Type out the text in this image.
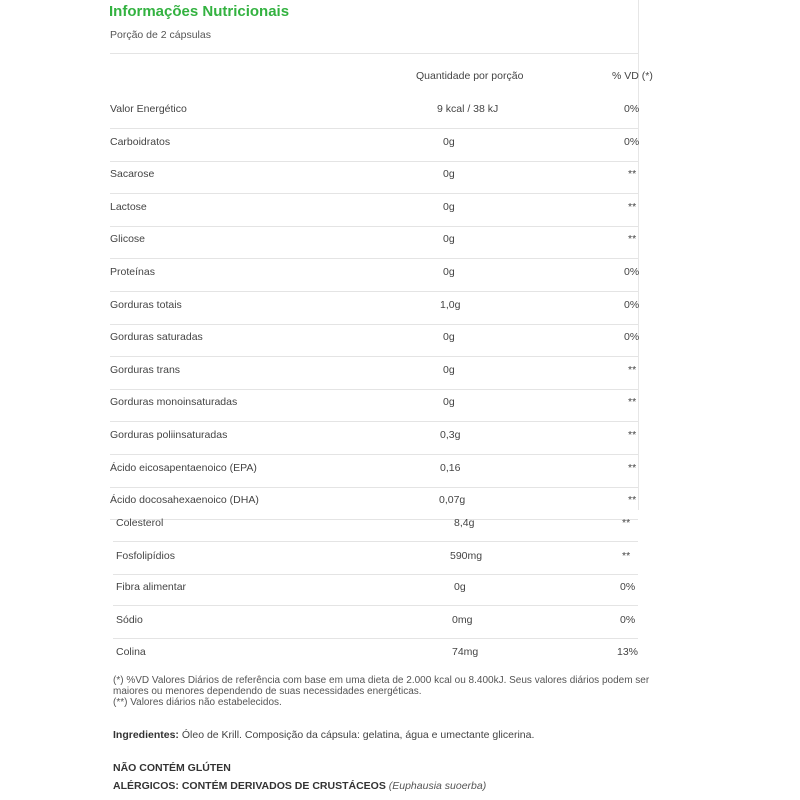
Informações Nutricionais
Porção de 2 cápsulas
Quantidade por porção	% VD (*)
Valor Energético	9 kcal / 38 kJ	0%
Carboidratos	0g	0%
Sacarose	0g	**
Lactose	0g	**
Glicose	0g	**
Proteínas	0g	0%
Gorduras totais	1,0g	0%
Gorduras saturadas	0g	0%
Gorduras trans	0g	**
Gorduras monoinsaturadas	0g	**
Gorduras poliinsaturadas	0,3g	**
Ácido eicosapentaenoico (EPA)	0,16	**
Ácido docosahexaenoico (DHA)	0,07g	**
Colesterol	8,4g	**
Fosfolipídios	590mg	**
Fibra alimentar	0g	0%
Sódio	0mg	0%
Colina	74mg	13%
(*) %VD Valores Diários de referência com base em uma dieta de 2.000 kcal ou 8.400kJ. Seus valores diários podem ser
maiores ou menores dependendo de suas necessidades energéticas.
(**) Valores diários não estabelecidos.
Ingredientes: Óleo de Krill. Composição da cápsula: gelatina, água e umectante glicerina.
NÃO CONTÉM GLÚTEN
ALÉRGICOS: CONTÉM DERIVADOS DE CRUSTÁCEOS (Euphausia suoerba)
